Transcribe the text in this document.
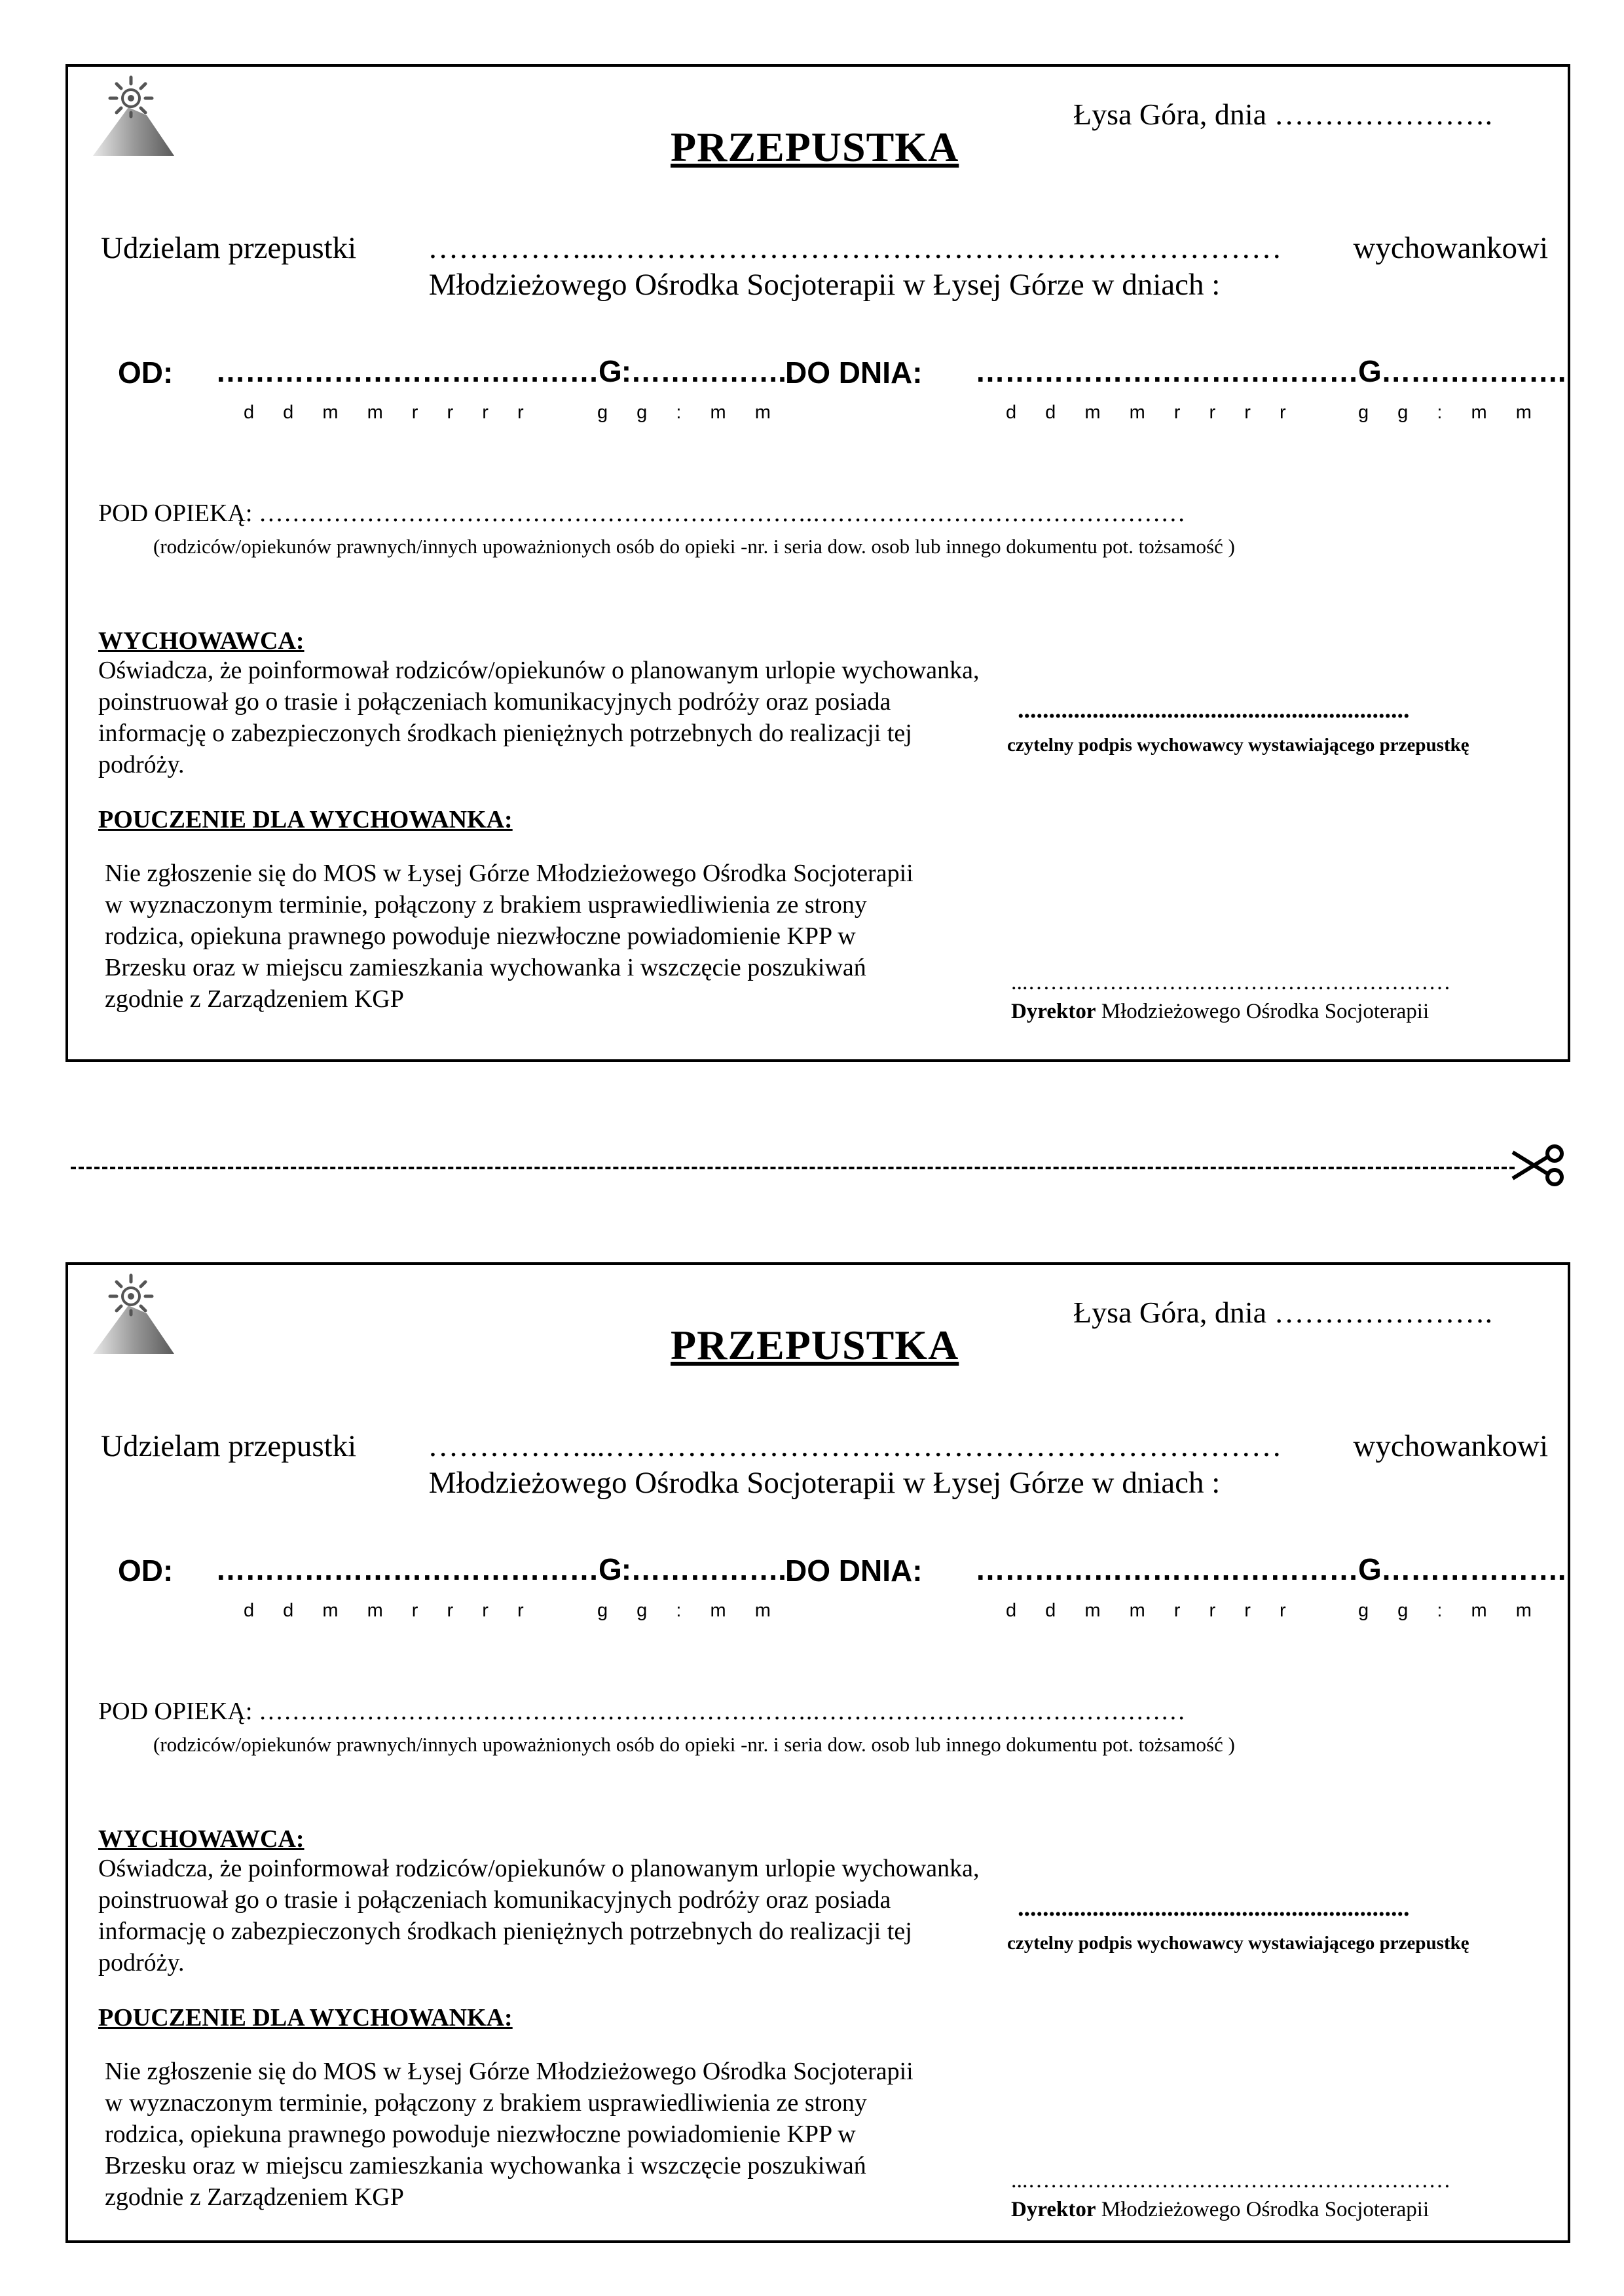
PRZEPUSTKA
Łysa Góra, dnia ………………….
Udzielam przepustki ……………...………………………………………………………… wychowankowi
Młodzieżowego Ośrodka Socjoterapii w Łysej Górze w dniach :
OD: …………………………………G:……………..
d d m m r r r r	g g : m m
DO DNIA: …………………………………G……………….
d d m m r r r r	g g : m m
POD OPIEKĄ: ………………………………………………………….………………………………………
(rodziców/opiekunów prawnych/innych upoważnionych osób do opieki -nr. i seria dow. osob lub innego dokumentu pot. tożsamość )
WYCHOWAWCA:
Oświadcza, że poinformował rodziców/opiekunów o planowanym urlopie wychowanka, poinstruował go o trasie i połączeniach komunikacyjnych podróży oraz posiada informację o zabezpieczonych środkach pieniężnych potrzebnych do realizacji tej podróży.
...............................................................
czytelny podpis wychowawcy wystawiającego przepustkę
POUCZENIE DLA WYCHOWANKA:
Nie zgłoszenie się do MOS w Łysej Górze Młodzieżowego Ośrodka Socjoterapii w wyznaczonym terminie, połączony z brakiem usprawiedliwienia ze strony rodzica, opiekuna prawnego powoduje niezwłoczne powiadomienie KPP w Brzesku oraz w miejscu zamieszkania wychowanka i wszczęcie poszukiwań zgodnie z Zarządzeniem KGP
...…………………………………………………
Dyrektor Młodzieżowego Ośrodka Socjoterapii
PRZEPUSTKA
Łysa Góra, dnia ………………….
Udzielam przepustki ……………...………………………………………………………… wychowankowi
Młodzieżowego Ośrodka Socjoterapii w Łysej Górze w dniach :
OD: …………………………………G:……………..
d d m m r r r r	g g : m m
DO DNIA: …………………………………G……………….
d d m m r r r r	g g : m m
POD OPIEKĄ: ………………………………………………………….………………………………………
(rodziców/opiekunów prawnych/innych upoważnionych osób do opieki -nr. i seria dow. osob lub innego dokumentu pot. tożsamość )
WYCHOWAWCA:
Oświadcza, że poinformował rodziców/opiekunów o planowanym urlopie wychowanka, poinstruował go o trasie i połączeniach komunikacyjnych podróży oraz posiada informację o zabezpieczonych środkach pieniężnych potrzebnych do realizacji tej podróży.
...............................................................
czytelny podpis wychowawcy wystawiającego przepustkę
POUCZENIE DLA WYCHOWANKA:
Nie zgłoszenie się do MOS w Łysej Górze Młodzieżowego Ośrodka Socjoterapii w wyznaczonym terminie, połączony z brakiem usprawiedliwienia ze strony rodzica, opiekuna prawnego powoduje niezwłoczne powiadomienie KPP w Brzesku oraz w miejscu zamieszkania wychowanka i wszczęcie poszukiwań zgodnie z Zarządzeniem KGP
...…………………………………………………
Dyrektor Młodzieżowego Ośrodka Socjoterapii
